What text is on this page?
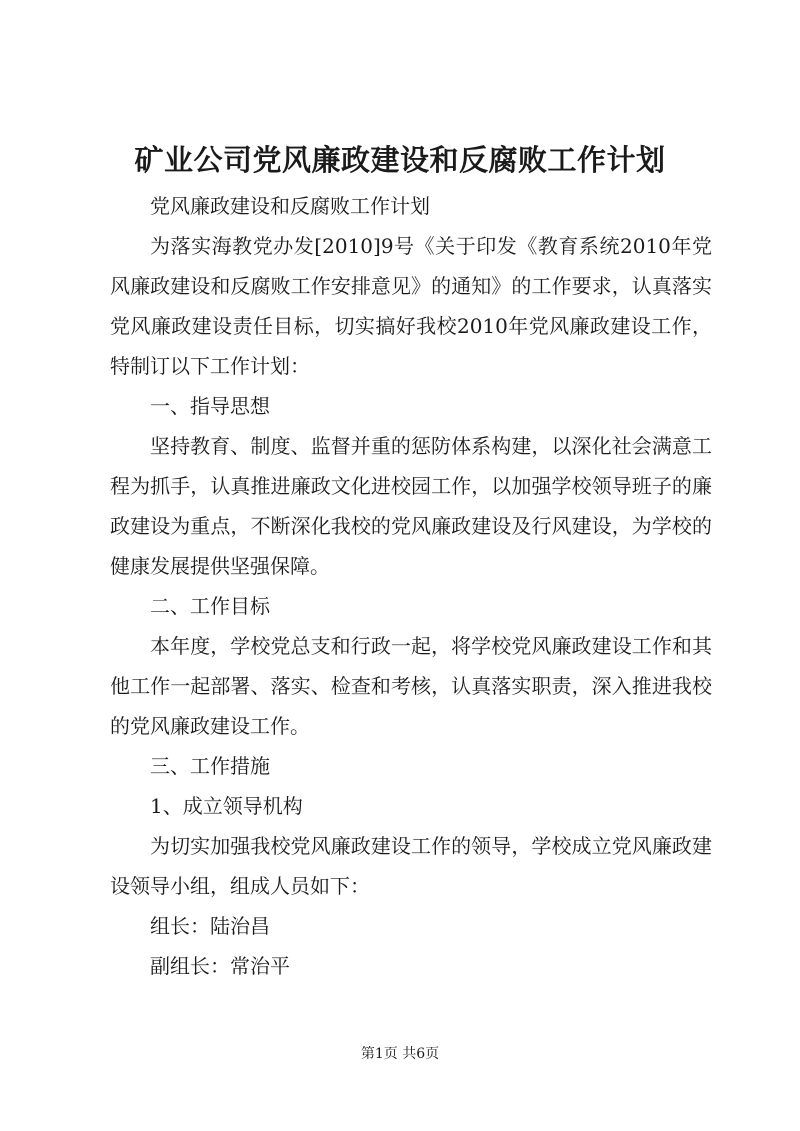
矿业公司党风廉政建设和反腐败工作计划

党风廉政建设和反腐败工作计划

为落实海教党办发[2010]9号《关于印发《教育系统2010年党风廉政建设和反腐败工作安排意见》的通知》的工作要求，认真落实党风廉政建设责任目标，切实搞好我校2010年党风廉政建设工作，特制订以下工作计划：

一、指导思想

坚持教育、制度、监督并重的惩防体系构建，以深化社会满意工程为抓手，认真推进廉政文化进校园工作，以加强学校领导班子的廉政建设为重点，不断深化我校的党风廉政建设及行风建设，为学校的健康发展提供坚强保障。

二、工作目标

本年度，学校党总支和行政一起，将学校党风廉政建设工作和其他工作一起部署、落实、检查和考核，认真落实职责，深入推进我校的党风廉政建设工作。

三、工作措施

1、成立领导机构

为切实加强我校党风廉政建设工作的领导，学校成立党风廉政建设领导小组，组成人员如下：

组长：陆治昌

副组长：常治平

第1页 共6页
